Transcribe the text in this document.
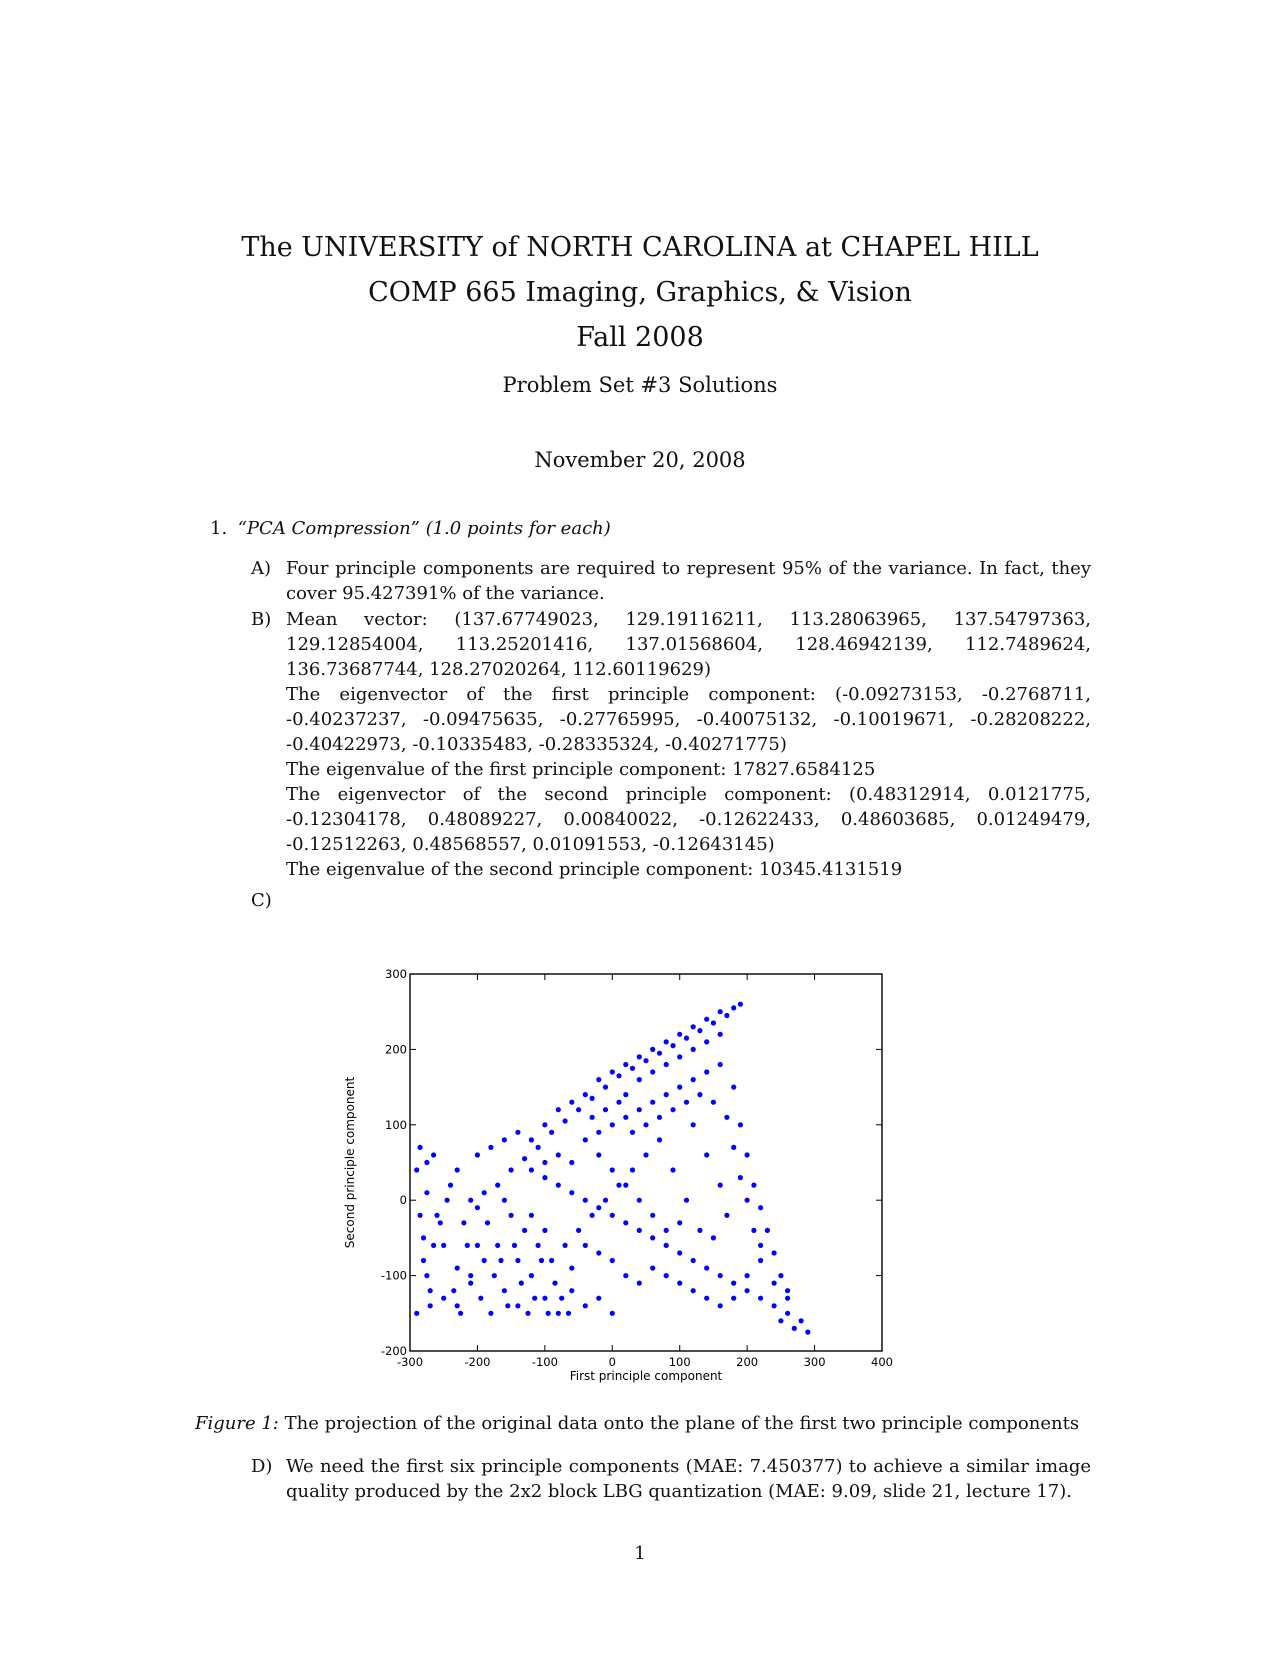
The UNIVERSITY of NORTH CAROLINA at CHAPEL HILL
COMP 665 Imaging, Graphics, & Vision
Fall 2008
Problem Set #3 Solutions
November 20, 2008
1. “PCA Compression” (1.0 points for each)
A) Four principle components are required to represent 95% of the variance. In fact, they cover 95.427391% of the variance.
B) Mean vector: (137.67749023, 129.19116211, 113.28063965, 137.54797363, 129.12854004, 113.25201416, 137.01568604, 128.46942139, 112.7489624, 136.73687744, 128.27020264, 112.60119629)
The eigenvector of the first principle component: (-0.09273153, -0.2768711, -0.40237237, -0.09475635, -0.27765995, -0.40075132, -0.10019671, -0.28208222, -0.40422973, -0.10335483, -0.28335324, -0.40271775)
The eigenvalue of the first principle component: 17827.6584125
The eigenvector of the second principle component: (0.48312914, 0.0121775, -0.12304178, 0.48089227, 0.00840022, -0.12622433, 0.48603685, 0.01249479, -0.12512263, 0.48568557, 0.01091553, -0.12643145)
The eigenvalue of the second principle component: 10345.4131519
C)
-300	-200	-100	0	100	200	300	400
-200
-100
0
100
200
300
First principle component
Second principle component
Figure 1: The projection of the original data onto the plane of the first two principle components
D) We need the first six principle components (MAE: 7.450377) to achieve a similar image quality produced by the 2x2 block LBG quantization (MAE: 9.09, slide 21, lecture 17).
1
